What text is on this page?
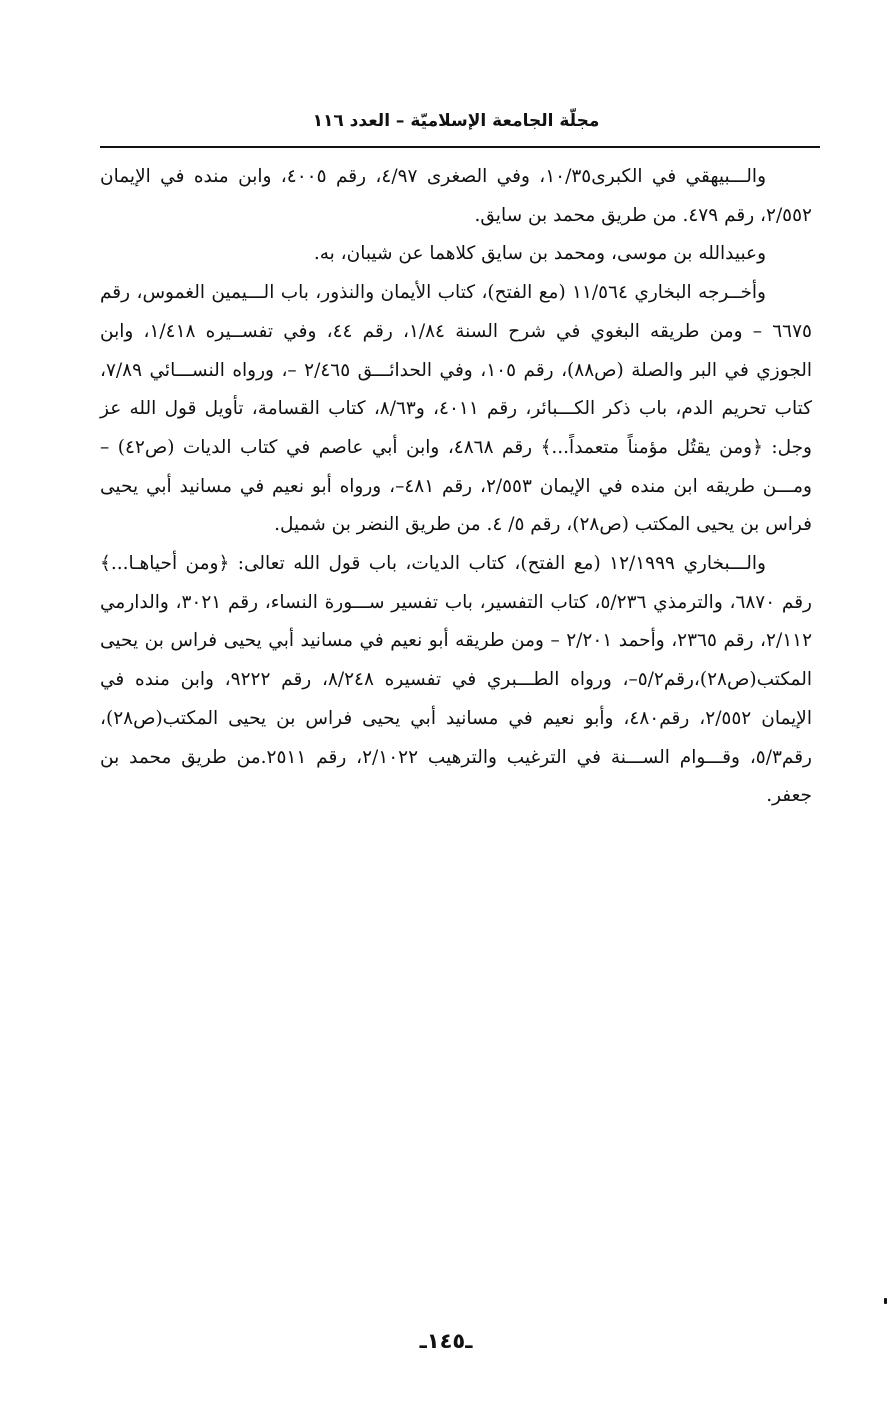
مجلّة الجامعة الإسلاميّة – العدد ١١٦

والـــبيهقي في الكبرى١٠/٣٥، وفي الصغرى ٤/٩٧، رقم ٤٠٠٥، وابن منده في الإيمان ٢/٥٥٢، رقم ٤٧٩. من طريق محمد بن سايق.

وعبيدالله بن موسى، ومحمد بن سايق كلاهما عن شيبان، به.

وأخــرجه البخاري ١١/٥٦٤ (مع الفتح)، كتاب الأيمان والنذور، باب الـــيمين الغموس، رقم ٦٦٧٥ – ومن طريقه البغوي في شرح السنة ١/٨٤، رقم ٤٤، وفي تفســيره ١/٤١٨، وابن الجوزي في البر والصلة (ص٨٨)، رقم ١٠٥، وفي الحدائـــق ٢/٤٦٥ –، ورواه النســـائي ٧/٨٩، كتاب تحريم الدم، باب ذكر الكـــبائر، رقم ٤٠١١، و٨/٦٣، كتاب القسامة، تأويل قول الله عز وجل: ﴿ومن يقتُل مؤمناً متعمداً...﴾ رقم ٤٨٦٨، وابن أبي عاصم في كتاب الديات (ص٤٢) – ومـــن طريقه ابن منده في الإيمان ٢/٥٥٣، رقم ٤٨١–، ورواه أبو نعيم في مسانيد أبي يحيى فراس بن يحيى المكتب (ص٢٨)، رقم ٥/ ٤. من طريق النضر بن شميل.

والـــبخاري ١٢/١٩٩٩ (مع الفتح)، كتاب الديات، باب قول الله تعالى: ﴿ومن أحياهـا...﴾ رقم ٦٨٧٠، والترمذي ٥/٢٣٦، كتاب التفسير، باب تفسير ســـورة النساء، رقم ٣٠٢١، والدارمي ٢/١١٢، رقم ٢٣٦٥، وأحمد ٢/٢٠١ – ومن طريقه أبو نعيم في مسانيد أبي يحيى فراس بن يحيى المكتب(ص٢٨)،رقم٥/٢–، ورواه الطـــبري في تفسيره ٨/٢٤٨، رقم ٩٢٢٢، وابن منده في الإيمان ٢/٥٥٢، رقم٤٨٠، وأبو نعيم في مسانيد أبي يحيى فراس بن يحيى المكتب(ص٢٨)، رقم٥/٣، وقـــوام الســـنة في الترغيب والترهيب ٢/١٠٢٢، رقم ٢٥١١.من طريق محمد بن جعفر.

ـ١٤٥ـ
